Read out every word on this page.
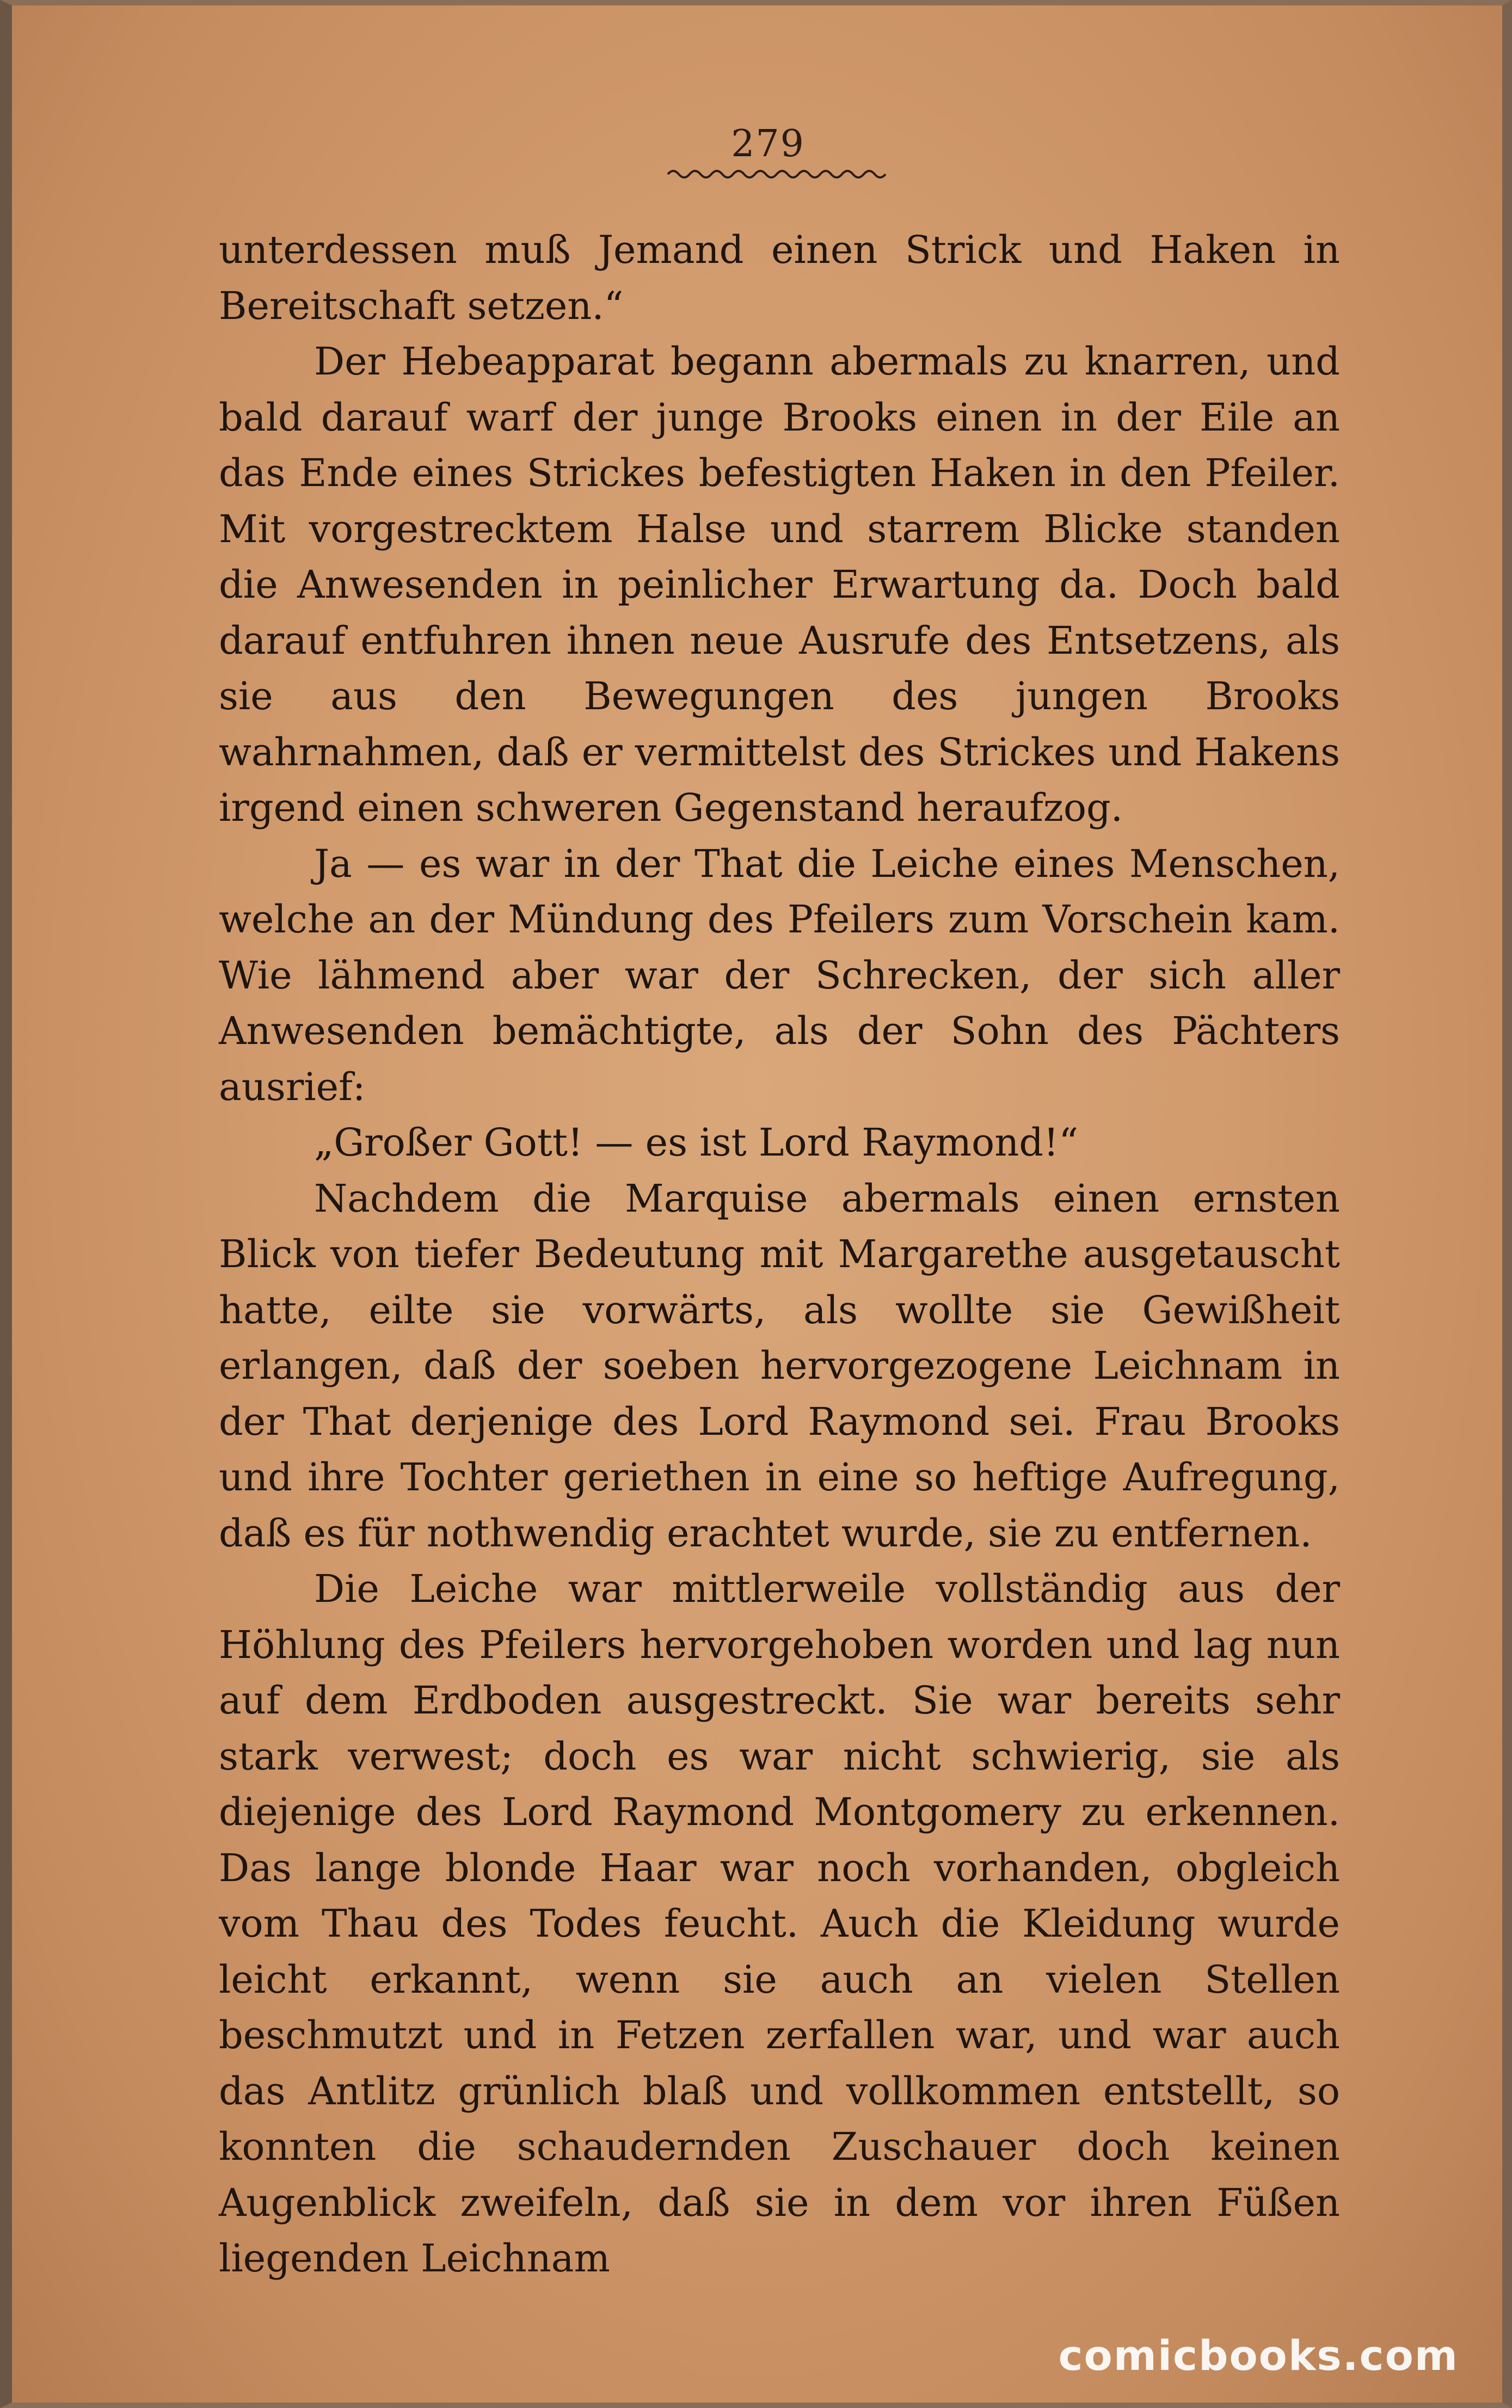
279

unterdessen muß Jemand einen Strick und Haken in Bereitschaft setzen.“

Der Hebeapparat begann abermals zu knarren, und bald darauf warf der junge Brooks einen in der Eile an das Ende eines Strickes befestigten Haken in den Pfeiler. Mit vorgestrecktem Halse und starrem Blicke standen die Anwesenden in peinlicher Erwartung da. Doch bald darauf entfuhren ihnen neue Ausrufe des Entsetzens, als sie aus den Bewegungen des jungen Brooks wahrnahmen, daß er vermittelst des Strickes und Hakens irgend einen schweren Gegenstand heraufzog.

Ja — es war in der That die Leiche eines Menschen, welche an der Mündung des Pfeilers zum Vorschein kam. Wie lähmend aber war der Schrecken, der sich aller Anwesenden bemächtigte, als der Sohn des Pächters ausrief:

„Großer Gott! — es ist Lord Raymond!“

Nachdem die Marquise abermals einen ernsten Blick von tiefer Bedeutung mit Margarethe ausgetauscht hatte, eilte sie vorwärts, als wollte sie Gewißheit erlangen, daß der soeben hervorgezogene Leichnam in der That derjenige des Lord Raymond sei. Frau Brooks und ihre Tochter geriethen in eine so heftige Aufregung, daß es für nothwendig erachtet wurde, sie zu entfernen.

Die Leiche war mittlerweile vollständig aus der Höhlung des Pfeilers hervorgehoben worden und lag nun auf dem Erdboden ausgestreckt. Sie war bereits sehr stark verwest; doch es war nicht schwierig, sie als diejenige des Lord Raymond Montgomery zu erkennen. Das lange blonde Haar war noch vorhanden, obgleich vom Thau des Todes feucht. Auch die Kleidung wurde leicht erkannt, wenn sie auch an vielen Stellen beschmutzt und in Fetzen zerfallen war, und war auch das Antlitz grünlich blaß und vollkommen entstellt, so konnten die schaudernden Zuschauer doch keinen Augenblick zweifeln, daß sie in dem vor ihren Füßen liegenden Leichnam

comicbooks.com
